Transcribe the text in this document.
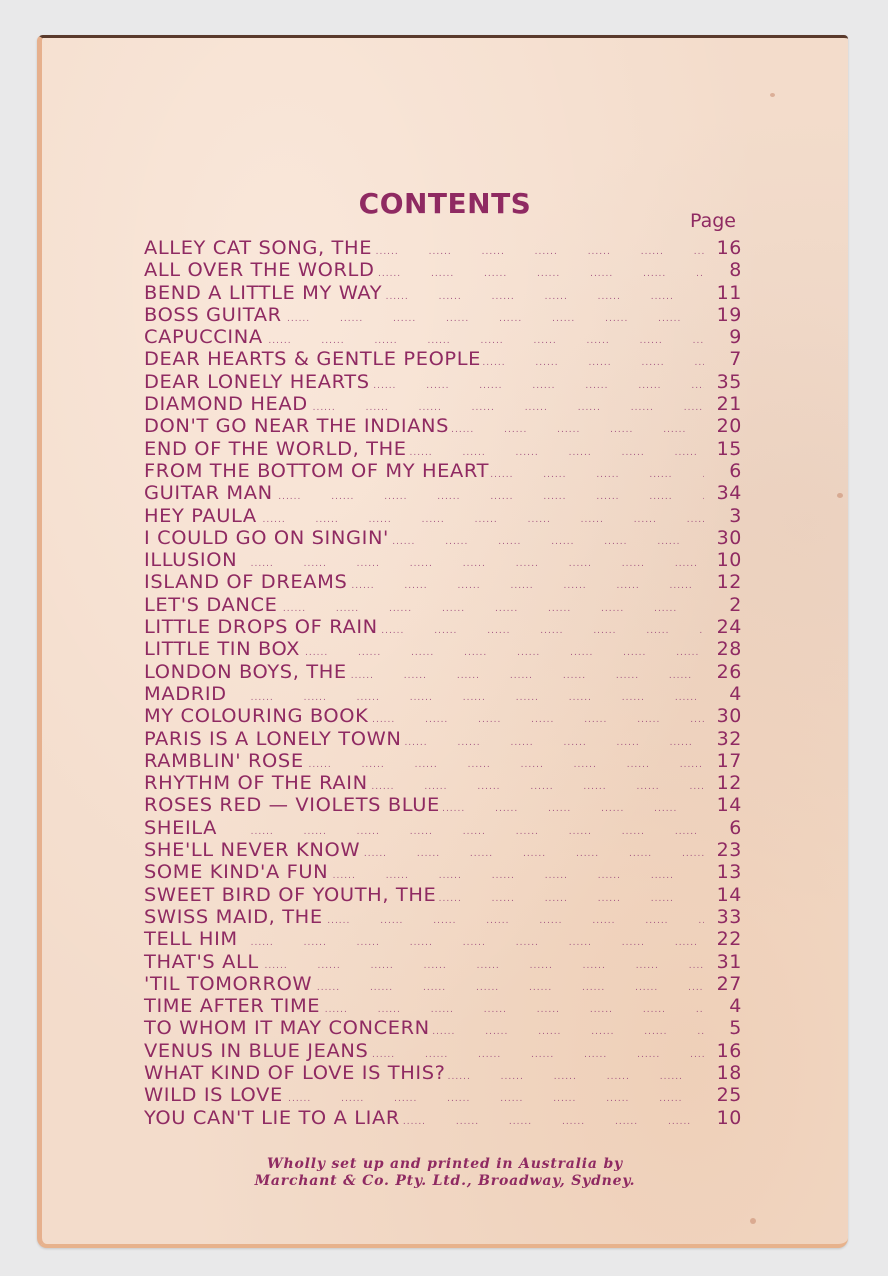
CONTENTS
Page
ALLEY CAT SONG, THE .....	16
ALL OVER THE WORLD .....	8
BEND A LITTLE MY WAY .....	11
BOSS GUITAR .....	19
CAPUCCINA .....	9
DEAR HEARTS & GENTLE PEOPLE .....	7
DEAR LONELY HEARTS .....	35
DIAMOND HEAD .....	21
DON'T GO NEAR THE INDIANS .....	20
END OF THE WORLD, THE .....	15
FROM THE BOTTOM OF MY HEART .....	6
GUITAR MAN .....	34
HEY PAULA .....	3
I COULD GO ON SINGIN' .....	30
ILLUSION .....	10
ISLAND OF DREAMS .....	12
LET'S DANCE .....	2
LITTLE DROPS OF RAIN .....	24
LITTLE TIN BOX .....	28
LONDON BOYS, THE .....	26
MADRID .....	4
MY COLOURING BOOK .....	30
PARIS IS A LONELY TOWN .....	32
RAMBLIN' ROSE .....	17
RHYTHM OF THE RAIN .....	12
ROSES RED — VIOLETS BLUE .....	14
SHEILA .....	6
SHE'LL NEVER KNOW .....	23
SOME KIND'A FUN .....	13
SWEET BIRD OF YOUTH, THE .....	14
SWISS MAID, THE .....	33
TELL HIM .....	22
THAT'S ALL .....	31
'TIL TOMORROW .....	27
TIME AFTER TIME .....	4
TO WHOM IT MAY CONCERN .....	5
VENUS IN BLUE JEANS .....	16
WHAT KIND OF LOVE IS THIS? .....	18
WILD IS LOVE .....	25
YOU CAN'T LIE TO A LIAR .....	10
Wholly set up and printed in Australia by
Marchant & Co. Pty. Ltd., Broadway, Sydney.
